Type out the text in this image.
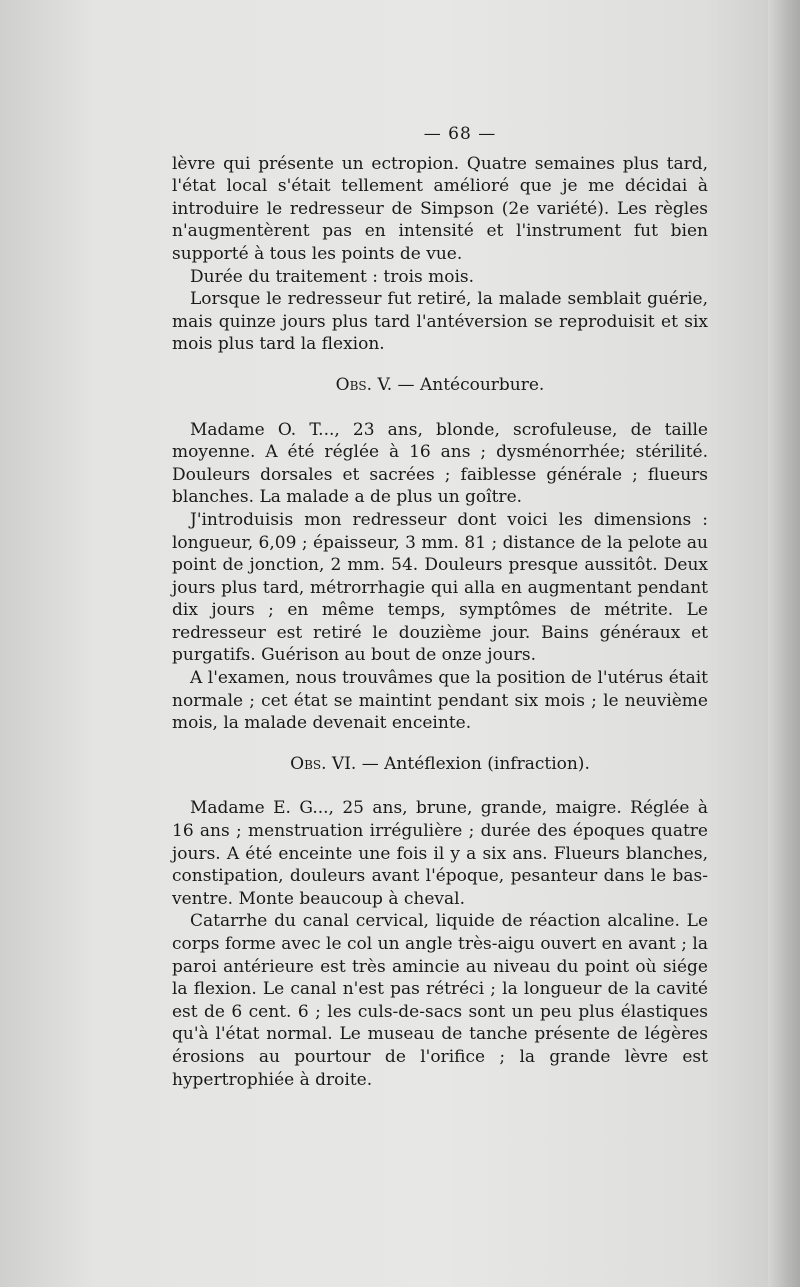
— 68 —

lèvre qui présente un ectropion. Quatre semaines plus tard, l'état local s'était tellement amélioré que je me décidai à introduire le redresseur de Simpson (2e variété). Les règles n'augmentèrent pas en intensité et l'instrument fut bien supporté à tous les points de vue.

Durée du traitement : trois mois.

Lorsque le redresseur fut retiré, la malade semblait guérie, mais quinze jours plus tard l'antéversion se reproduisit et six mois plus tard la flexion.

Obs. V. — Antécourbure.

Madame O. T..., 23 ans, blonde, scrofuleuse, de taille moyenne. A été réglée à 16 ans ; dysménorrhée; stérilité. Douleurs dorsales et sacrées ; faiblesse générale ; flueurs blanches. La malade a de plus un goître.

J'introduisis mon redresseur dont voici les dimensions : longueur, 6,09 ; épaisseur, 3 mm. 81 ; distance de la pelote au point de jonction, 2 mm. 54. Douleurs presque aussitôt. Deux jours plus tard, métrorrhagie qui alla en augmentant pendant dix jours ; en même temps, symptômes de métrite. Le redresseur est retiré le douzième jour. Bains généraux et purgatifs. Guérison au bout de onze jours.

A l'examen, nous trouvâmes que la position de l'utérus était normale ; cet état se maintint pendant six mois ; le neuvième mois, la malade devenait enceinte.

Obs. VI. — Antéflexion (infraction).

Madame E. G..., 25 ans, brune, grande, maigre. Réglée à 16 ans ; menstruation irrégulière ; durée des époques quatre jours. A été enceinte une fois il y a six ans. Flueurs blanches, constipation, douleurs avant l'époque, pesanteur dans le bas-ventre. Monte beaucoup à cheval.

Catarrhe du canal cervical, liquide de réaction alcaline. Le corps forme avec le col un angle très-aigu ouvert en avant ; la paroi antérieure est très amincie au niveau du point où siége la flexion. Le canal n'est pas rétréci ; la longueur de la cavité est de 6 cent. 6 ; les culs-de-sacs sont un peu plus élastiques qu'à l'état normal. Le museau de tanche présente de légères érosions au pourtour de l'orifice ; la grande lèvre est hypertrophiée à droite.
